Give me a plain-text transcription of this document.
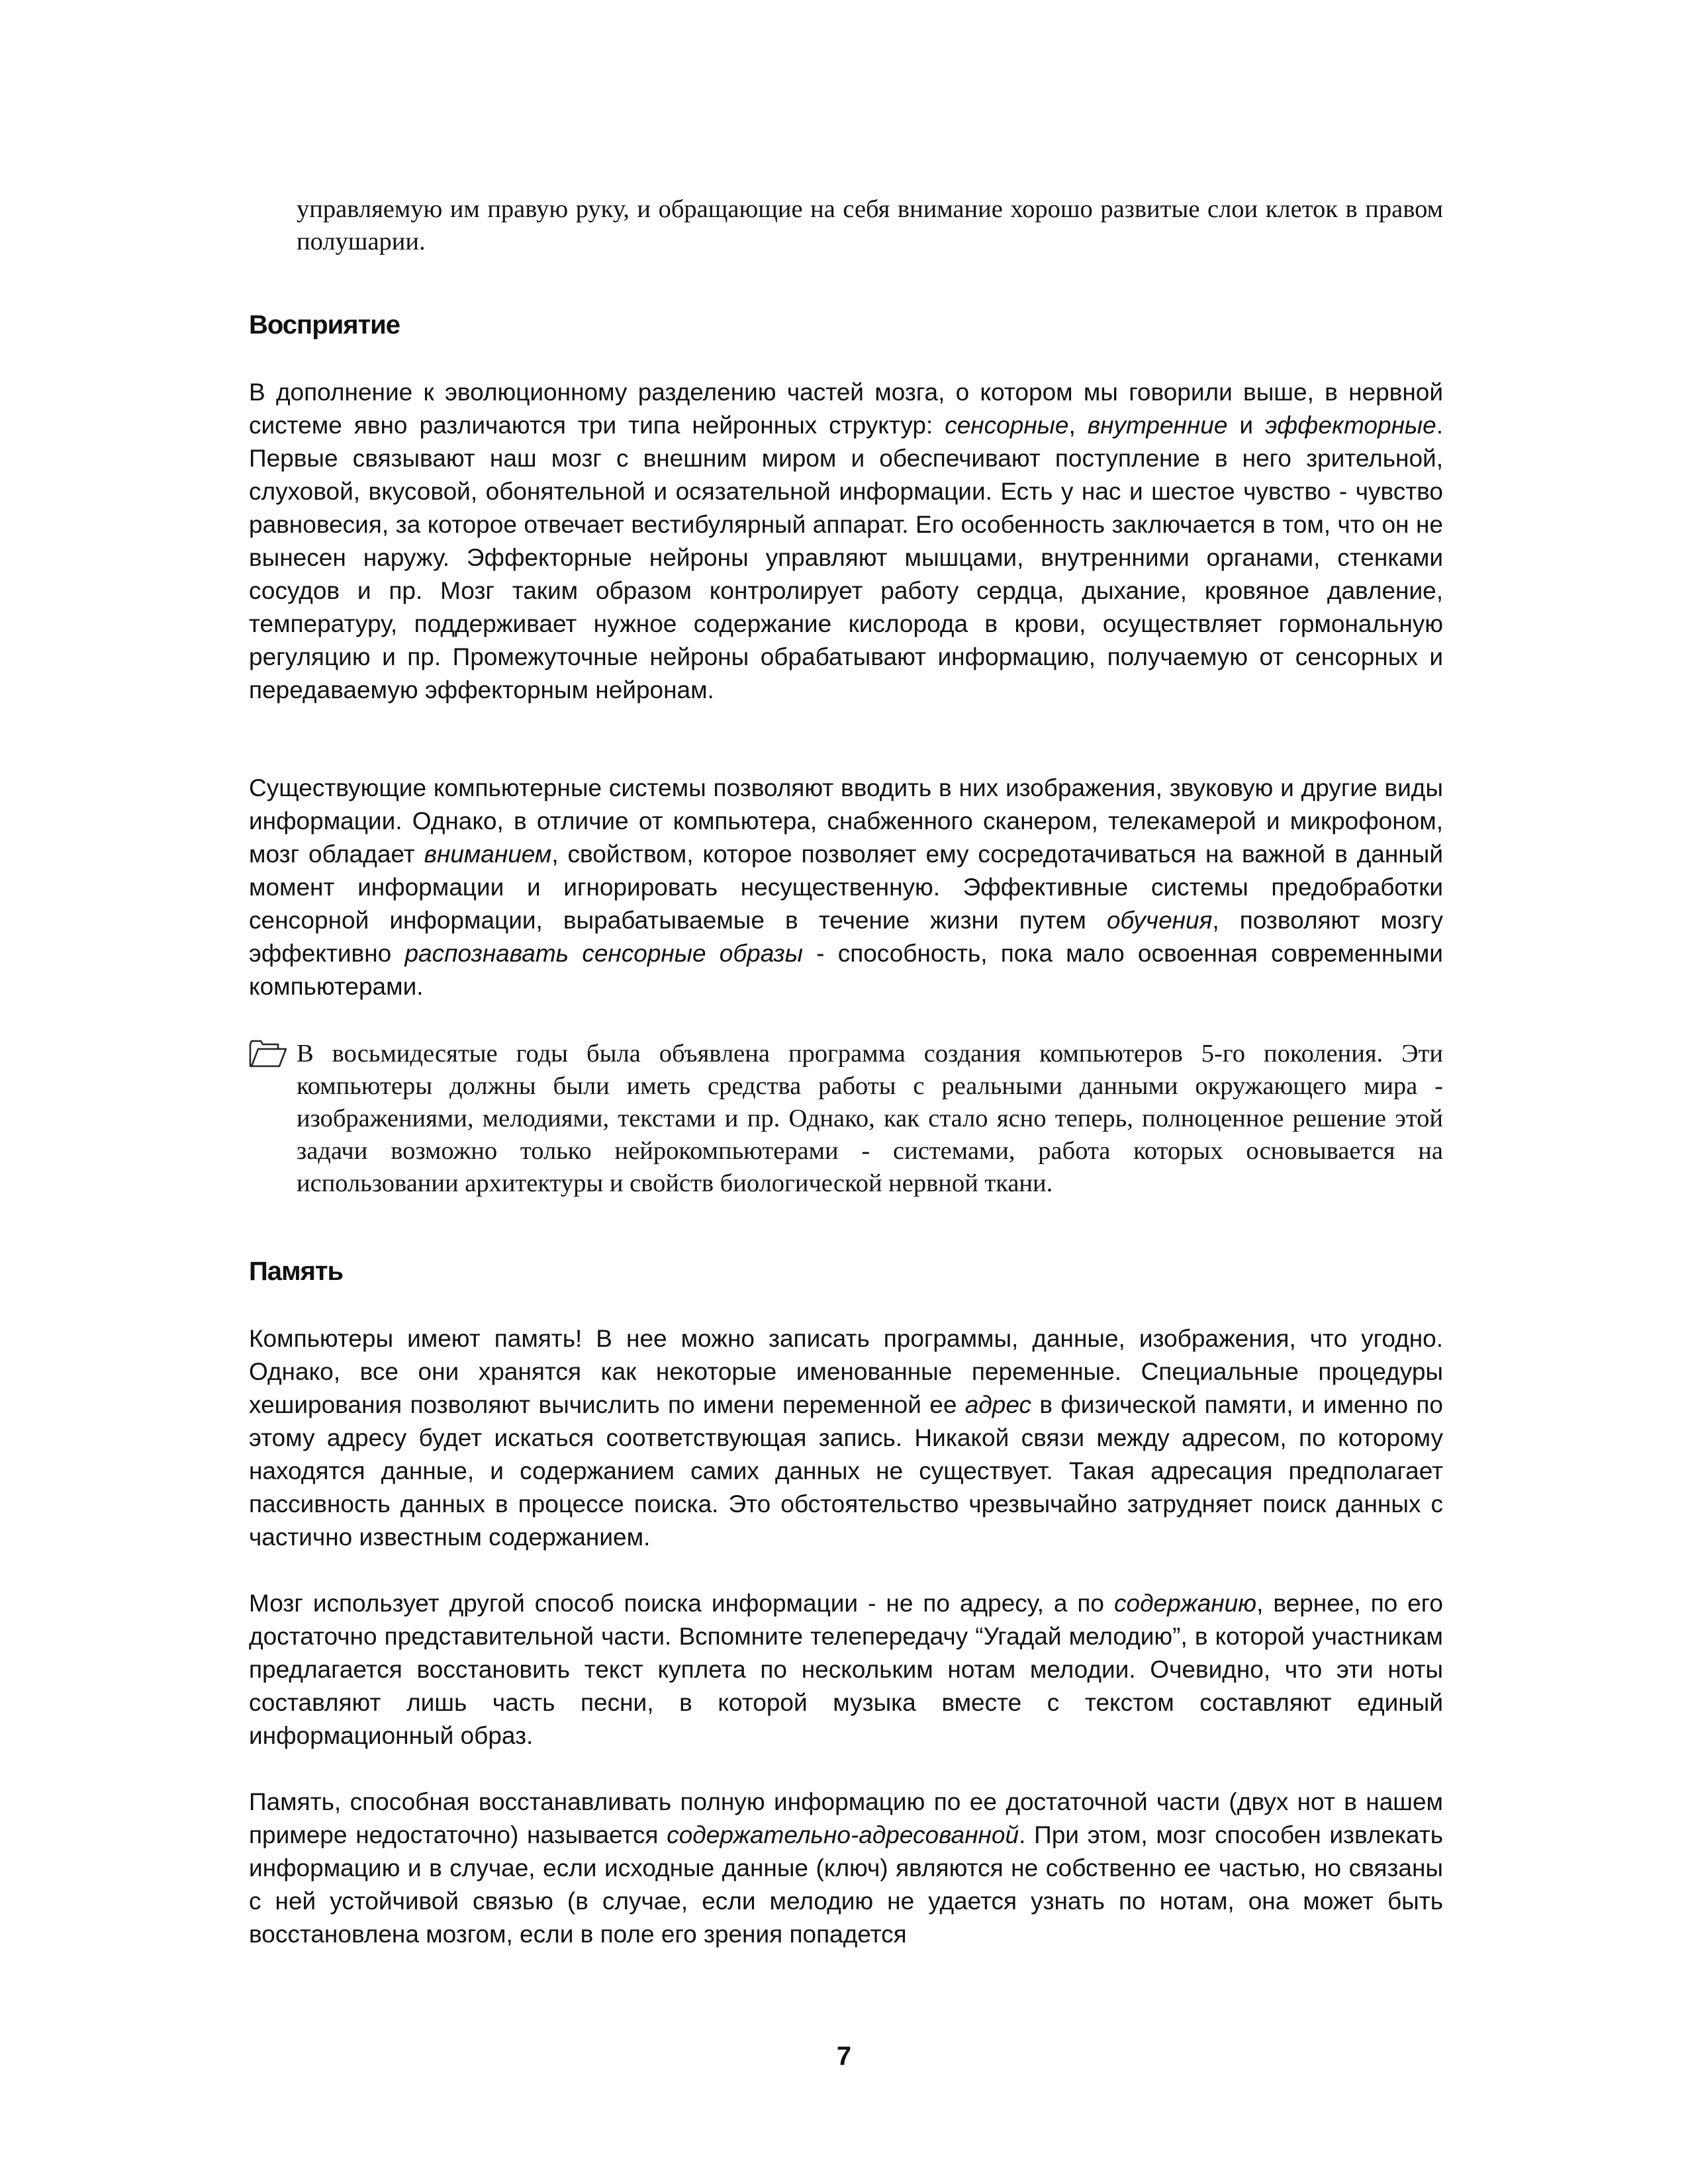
управляемую им правую руку, и обращающие на себя внимание хорошо развитые слои клеток в правом полушарии.

Восприятие

В дополнение к эволюционному разделению частей мозга, о котором мы говорили выше, в нервной системе явно различаются три типа нейронных структур: сенсорные, внутренние и эффекторные. Первые связывают наш мозг с внешним миром и обеспечивают поступление в него зрительной, слуховой, вкусовой, обонятельной и осязательной информации. Есть у нас и шестое чувство - чувство равновесия, за которое отвечает вестибулярный аппарат. Его особенность заключается в том, что он не вынесен наружу. Эффекторные нейроны управляют мышцами, внутренними органами, стенками сосудов и пр. Мозг таким образом контролирует работу сердца, дыхание, кровяное давление, температуру, поддерживает нужное содержание кислорода в крови, осуществляет гормональную регуляцию и пр. Промежуточные нейроны обрабатывают информацию, получаемую от сенсорных и передаваемую эффекторным нейронам.

Существующие компьютерные системы позволяют вводить в них изображения, звуковую и другие виды информации. Однако, в отличие от компьютера, снабженного сканером, телекамерой и микрофоном, мозг обладает вниманием, свойством, которое позволяет ему сосредотачиваться на важной в данный момент информации и игнорировать несущественную. Эффективные системы предобработки сенсорной информации, вырабатываемые в течение жизни путем обучения, позволяют мозгу эффективно распознавать сенсорные образы - способность, пока мало освоенная современными компьютерами.

В восьмидесятые годы была объявлена программа создания компьютеров 5-го поколения. Эти компьютеры должны были иметь средства работы с реальными данными окружающего мира - изображениями, мелодиями, текстами и пр. Однако, как стало ясно теперь, полноценное решение этой задачи возможно только нейрокомпьютерами - системами, работа которых основывается на использовании архитектуры и свойств биологической нервной ткани.

Память

Компьютеры имеют память! В нее можно записать программы, данные, изображения, что угодно. Однако, все они хранятся как некоторые именованные переменные. Специальные процедуры хеширования позволяют вычислить по имени переменной ее адрес в физической памяти, и именно по этому адресу будет искаться соответствующая запись. Никакой связи между адресом, по которому находятся данные, и содержанием самих данных не существует. Такая адресация предполагает пассивность данных в процессе поиска. Это обстоятельство чрезвычайно затрудняет поиск данных с частично известным содержанием.

Мозг использует другой способ поиска информации - не по адресу, а по содержанию, вернее, по его достаточно представительной части. Вспомните телепередачу “Угадай мелодию”, в которой участникам предлагается восстановить текст куплета по нескольким нотам мелодии. Очевидно, что эти ноты составляют лишь часть песни, в которой музыка вместе с текстом составляют единый информационный образ.

Память, способная восстанавливать полную информацию по ее достаточной части (двух нот в нашем примере недостаточно) называется содержательно-адресованной. При этом, мозг способен извлекать информацию и в случае, если исходные данные (ключ) являются не собственно ее частью, но связаны с ней устойчивой связью (в случае, если мелодию не удается узнать по нотам, она может быть восстановлена мозгом, если в поле его зрения попадется

7
